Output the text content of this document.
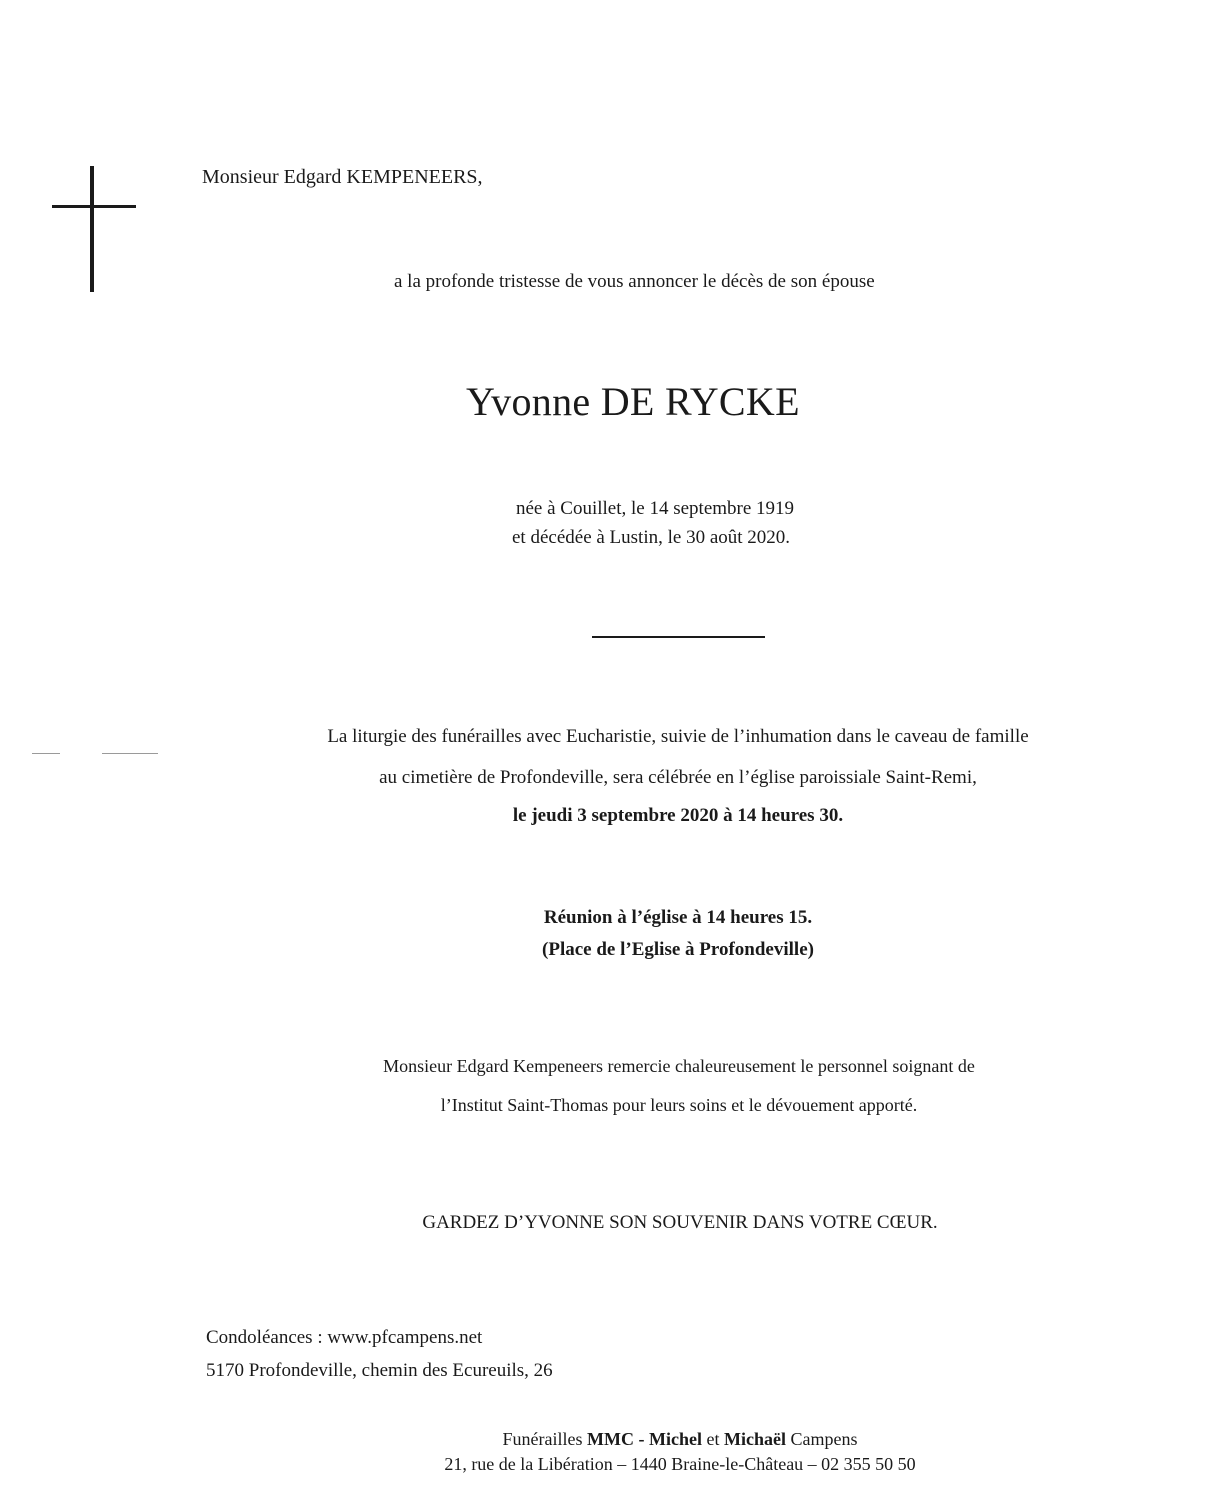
Monsieur Edgard KEMPENEERS,
a la profonde tristesse de vous annoncer le décès de son épouse
Yvonne DE RYCKE
née à Couillet, le 14 septembre 1919
et décédée à Lustin, le 30 août 2020.
La liturgie des funérailles avec Eucharistie, suivie de l’inhumation dans le caveau de famille
au cimetière de Profondeville, sera célébrée en l’église paroissiale Saint-Remi,
le jeudi 3 septembre 2020 à 14 heures 30.
Réunion à l’église à 14 heures 15.
(Place de l’Eglise à Profondeville)
Monsieur Edgard Kempeneers remercie chaleureusement le personnel soignant de
l’Institut Saint-Thomas pour leurs soins et le dévouement apporté.
GARDEZ D’YVONNE SON SOUVENIR DANS VOTRE CŒUR.
Condoléances : www.pfcampens.net
5170 Profondeville, chemin des Ecureuils, 26
Funérailles MMC - Michel et Michaël Campens
21, rue de la Libération – 1440 Braine-le-Château – 02 355 50 50
